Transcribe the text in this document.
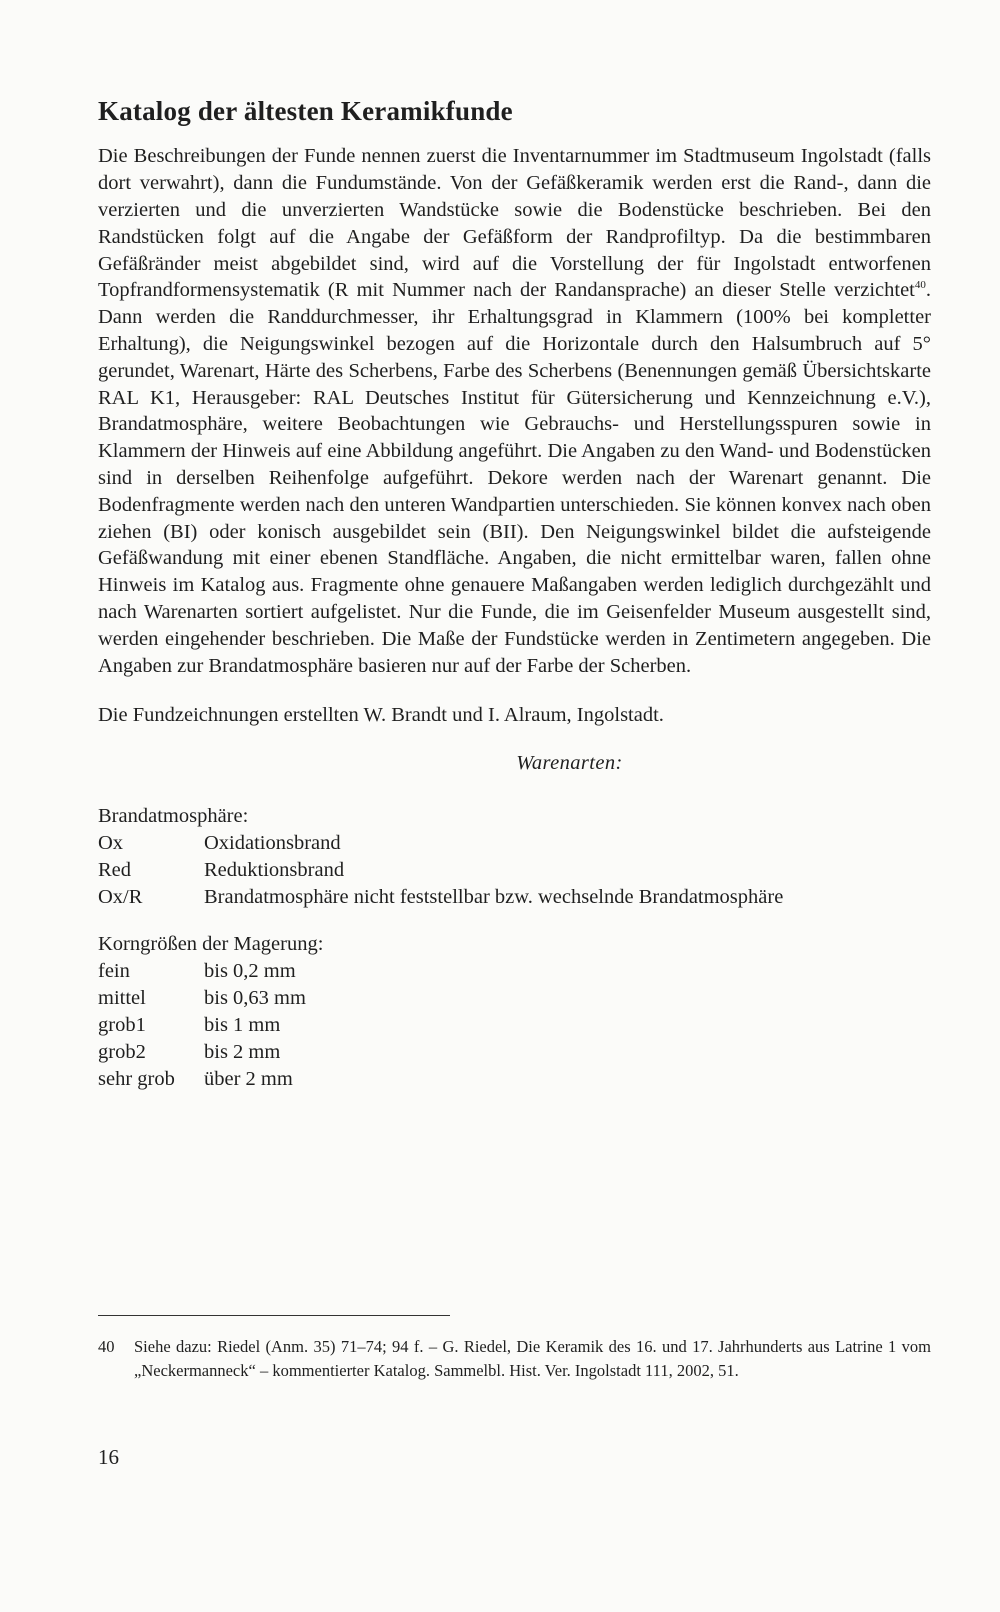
Katalog der ältesten Keramikfunde

Die Beschreibungen der Funde nennen zuerst die Inventarnummer im Stadtmuseum Ingolstadt (falls dort verwahrt), dann die Fundumstände. Von der Gefäßkeramik werden erst die Rand-, dann die verzierten und die unverzierten Wandstücke sowie die Bodenstücke beschrieben. Bei den Randstücken folgt auf die Angabe der Gefäßform der Randprofiltyp. Da die bestimmbaren Gefäßränder meist abgebildet sind, wird auf die Vorstellung der für Ingolstadt entworfenen Topfrandformensystematik (R mit Nummer nach der Randansprache) an dieser Stelle verzichtet$^{40}$. Dann werden die Randdurchmesser, ihr Erhaltungsgrad in Klammern (100% bei kompletter Erhaltung), die Neigungswinkel bezogen auf die Horizontale durch den Halsumbruch auf 5° gerundet, Warenart, Härte des Scherbens, Farbe des Scherbens (Benennungen gemäß Übersichtskarte RAL K1, Herausgeber: RAL Deutsches Institut für Gütersicherung und Kennzeichnung e.V.), Brandatmosphäre, weitere Beobachtungen wie Gebrauchs- und Herstellungsspuren sowie in Klammern der Hinweis auf eine Abbildung angeführt. Die Angaben zu den Wand- und Bodenstücken sind in derselben Reihenfolge aufgeführt. Dekore werden nach der Warenart genannt. Die Bodenfragmente werden nach den unteren Wandpartien unterschieden. Sie können konvex nach oben ziehen (BI) oder konisch ausgebildet sein (BII). Den Neigungswinkel bildet die aufsteigende Gefäßwandung mit einer ebenen Standfläche. Angaben, die nicht ermittelbar waren, fallen ohne Hinweis im Katalog aus. Fragmente ohne genauere Maßangaben werden lediglich durchgezählt und nach Warenarten sortiert aufgelistet. Nur die Funde, die im Geisenfelder Museum ausgestellt sind, werden eingehender beschrieben. Die Maße der Fundstücke werden in Zentimetern angegeben. Die Angaben zur Brandatmosphäre basieren nur auf der Farbe der Scherben.

Die Fundzeichnungen erstellten W. Brandt und I. Alraum, Ingolstadt.

Warenarten:

Brandatmosphäre:

Ox	Oxidationsbrand
Red	Reduktionsbrand
Ox/R	Brandatmosphäre nicht feststellbar bzw. wechselnde Brandatmosphäre

Korngrößen der Magerung:

fein	bis 0,2 mm
mittel	bis 0,63 mm
grob1	bis 1 mm
grob2	bis 2 mm
sehr grob	über 2 mm
40	Siehe dazu: Riedel (Anm. 35) 71–74; 94 f. – G. Riedel, Die Keramik des 16. und 17. Jahrhunderts aus Latrine 1 vom „Neckermanneck“ – kommentierter Katalog. Sammelbl. Hist. Ver. Ingolstadt 111, 2002, 51.
16
